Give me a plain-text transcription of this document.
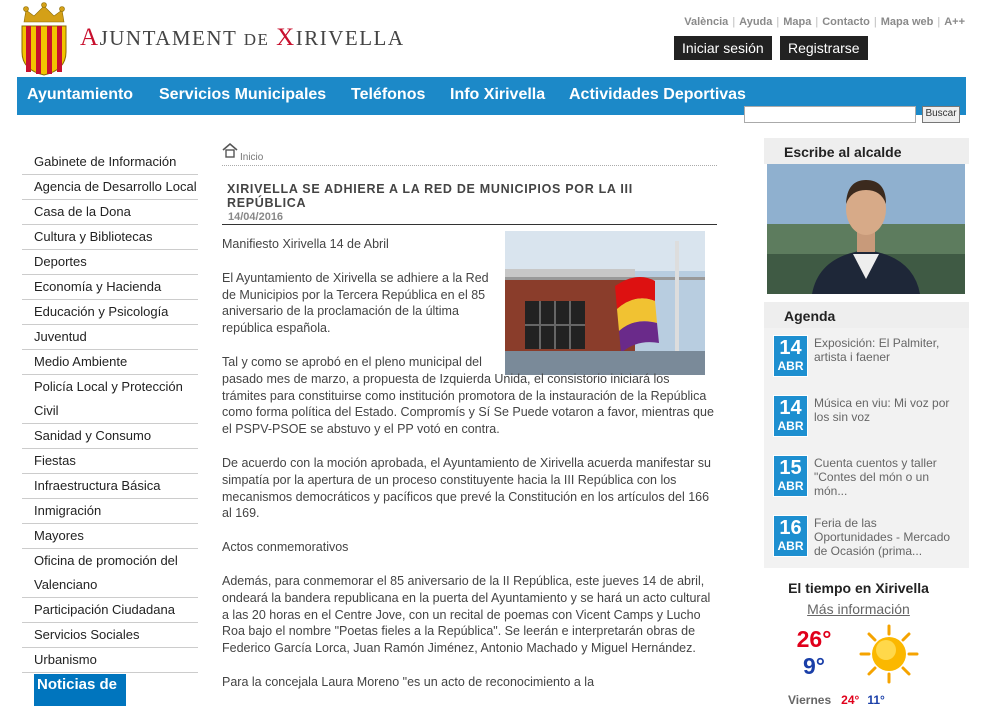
AJUNTAMENT DE XIRIVELLA
València | Ayuda | Mapa | Contacto | Mapa web | A++
Iniciar sesión	Registrarse
Ayuntamiento Servicios Municipales Teléfonos Info Xirivella Actividades Deportivas
Buscar
Gabinete de Información
Agencia de Desarrollo Local
Casa de la Dona
Cultura y Bibliotecas
Deportes
Economía y Hacienda
Educación y Psicología
Juventud
Medio Ambiente
Policía Local y Protección Civil
Sanidad y Consumo
Fiestas
Infraestructura Básica
Inmigración
Mayores
Oficina de promoción del Valenciano
Participación Ciudadana
Servicios Sociales
Urbanismo
Noticias de
Inicio
XIRIVELLA SE ADHIERE A LA RED DE MUNICIPIOS POR LA III REPÚBLICA
14/04/2016

Manifiesto Xirivella 14 de Abril

El Ayuntamiento de Xirivella se adhiere a la Red de Municipios por la Tercera República en el 85 aniversario de la proclamación de la última república española.

Tal y como se aprobó en el pleno municipal del pasado mes de marzo, a propuesta de Izquierda Unida, el consistorio iniciará los trámites para constituirse como institución promotora de la instauración de la República como forma política del Estado. Compromís y Sí Se Puede votaron a favor, mientras que el PSPV-PSOE se abstuvo y el PP votó en contra.

De acuerdo con la moción aprobada, el Ayuntamiento de Xirivella acuerda manifestar su simpatía por la apertura de un proceso constituyente hacia la III República con los mecanismos democráticos y pacíficos que prevé la Constitución en los artículos del 166 al 169.

Actos conmemorativos

Además, para conmemorar el 85 aniversario de la II República, este jueves 14 de abril, ondeará la bandera republicana en la puerta del Ayuntamiento y se hará un acto cultural a las 20 horas en el Centre Jove, con un recital de poemas con Vicent Camps y Lucho Roa bajo el nombre "Poetas fieles a la República". Se leerán e interpretarán obras de Federico García Lorca, Juan Ramón Jiménez, Antonio Machado y Miguel Hernández.

Para la concejala Laura Moreno "es un acto de reconocimiento a la

Escribe al alcalde
Agenda
14
ABR
Exposición: El Palmiter, artista i faener
14
ABR
Música en viu: Mi voz por los sin voz
15
ABR
Cuenta cuentos y taller "Contes del món o un món...
16
ABR
Feria de las Oportunidades - Mercado de Ocasión (prima...
El tiempo en Xirivella
Más información
26°
9°
Viernes 24° 11°
